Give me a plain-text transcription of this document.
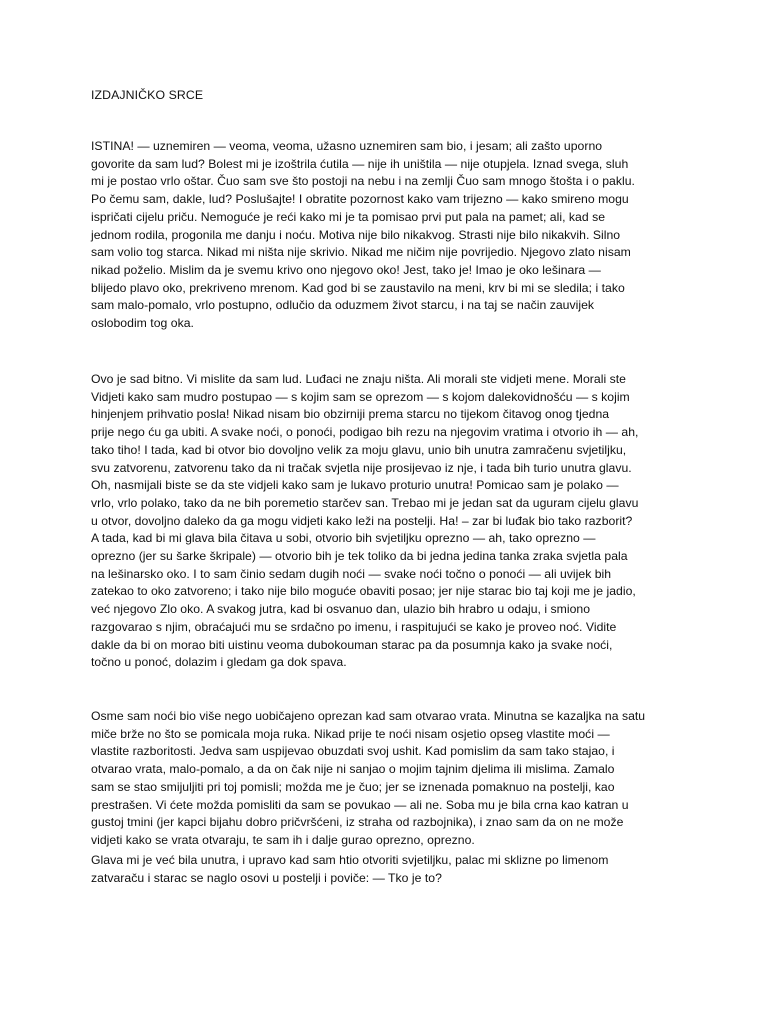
IZDAJNIČKO SRCE
ISTINA! — uznemiren — veoma, veoma, užasno uznemiren sam bio, i jesam; ali zašto uporno
govorite da sam lud? Bolest mi je izoštrila ćutila — nije ih uništila — nije otupjela. Iznad svega, sluh
mi je postao vrlo oštar. Čuo sam sve što postoji na nebu i na zemlji Čuo sam mnogo štošta i o paklu.
Po čemu sam, dakle, lud? Poslušajte! I obratite pozornost kako vam trijezno — kako smireno mogu
ispričati cijelu priču. Nemoguće je reći kako mi je ta pomisao prvi put pala na pamet; ali, kad se
jednom rodila, progonila me danju i noću. Motiva nije bilo nikakvog. Strasti nije bilo nikakvih. Silno
sam volio tog starca. Nikad mi ništa nije skrivio. Nikad me ničim nije povrijedio. Njegovo zlato nisam
nikad poželio. Mislim da je svemu krivo ono njegovo oko! Jest, tako je! Imao je oko lešinara —
blijedo plavo oko, prekriveno mrenom. Kad god bi se zaustavilo na meni, krv bi mi se sledila; i tako
sam malo-pomalo, vrlo postupno, odlučio da oduzmem život starcu, i na taj se način zauvijek
oslobodim tog oka.
Ovo je sad bitno. Vi mislite da sam lud. Luđaci ne znaju ništa. Ali morali ste vidjeti mene. Morali ste
Vidjeti kako sam mudro postupao — s kojim sam se oprezom — s kojom dalekovidnošću — s kojim
hinjenjem prihvatio posla! Nikad nisam bio obzirniji prema starcu no tijekom čitavog onog tjedna
prije nego ću ga ubiti. A svake noći, o ponoći, podigao bih rezu na njegovim vratima i otvorio ih — ah,
tako tiho! I tada, kad bi otvor bio dovoljno velik za moju glavu, unio bih unutra zamračenu svjetiljku,
svu zatvorenu, zatvorenu tako da ni tračak svjetla nije prosijevao iz nje, i tada bih turio unutra glavu.
Oh, nasmijali biste se da ste vidjeli kako sam je lukavo proturio unutra! Pomicao sam je polako —
vrlo, vrlo polako, tako da ne bih poremetio starčev san. Trebao mi je jedan sat da uguram cijelu glavu
u otvor, dovoljno daleko da ga mogu vidjeti kako leži na postelji. Ha! – zar bi luđak bio tako razborit?
A tada, kad bi mi glava bila čitava u sobi, otvorio bih svjetiljku oprezno — ah, tako oprezno —
oprezno (jer su šarke škripale) — otvorio bih je tek toliko da bi jedna jedina tanka zraka svjetla pala
na lešinarsko oko. I to sam činio sedam dugih noći — svake noći točno o ponoći — ali uvijek bih
zatekao to oko zatvoreno; i tako nije bilo moguće obaviti posao; jer nije starac bio taj koji me je jadio,
već njegovo Zlo oko. A svakog jutra, kad bi osvanuo dan, ulazio bih hrabro u odaju, i smiono
razgovarao s njim, obraćajući mu se srdačno po imenu, i raspitujući se kako je proveo noć. Vidite
dakle da bi on morao biti uistinu veoma dubokouman starac pa da posumnja kako ja svake noći,
točno u ponoć, dolazim i gledam ga dok spava.
Osme sam noći bio više nego uobičajeno oprezan kad sam otvarao vrata. Minutna se kazaljka na satu
miče brže no što se pomicala moja ruka. Nikad prije te noći nisam osjetio opseg vlastite moći —
vlastite razboritosti. Jedva sam uspijevao obuzdati svoj ushit. Kad pomislim da sam tako stajao, i
otvarao vrata, malo-pomalo, a da on čak nije ni sanjao o mojim tajnim djelima ili mislima. Zamalo
sam se stao smijuljiti pri toj pomisli; možda me je čuo; jer se iznenada pomaknuo na postelji, kao
prestrašen. Vi ćete možda pomisliti da sam se povukao — ali ne. Soba mu je bila crna kao katran u
gustoj tmini (jer kapci bijahu dobro pričvršćeni, iz straha od razbojnika), i znao sam da on ne može
vidjeti kako se vrata otvaraju, te sam ih i dalje gurao oprezno, oprezno.
Glava mi je već bila unutra, i upravo kad sam htio otvoriti svjetiljku, palac mi sklizne po limenom
zatvaraču i starac se naglo osovi u postelji i poviče: — Tko je to?
